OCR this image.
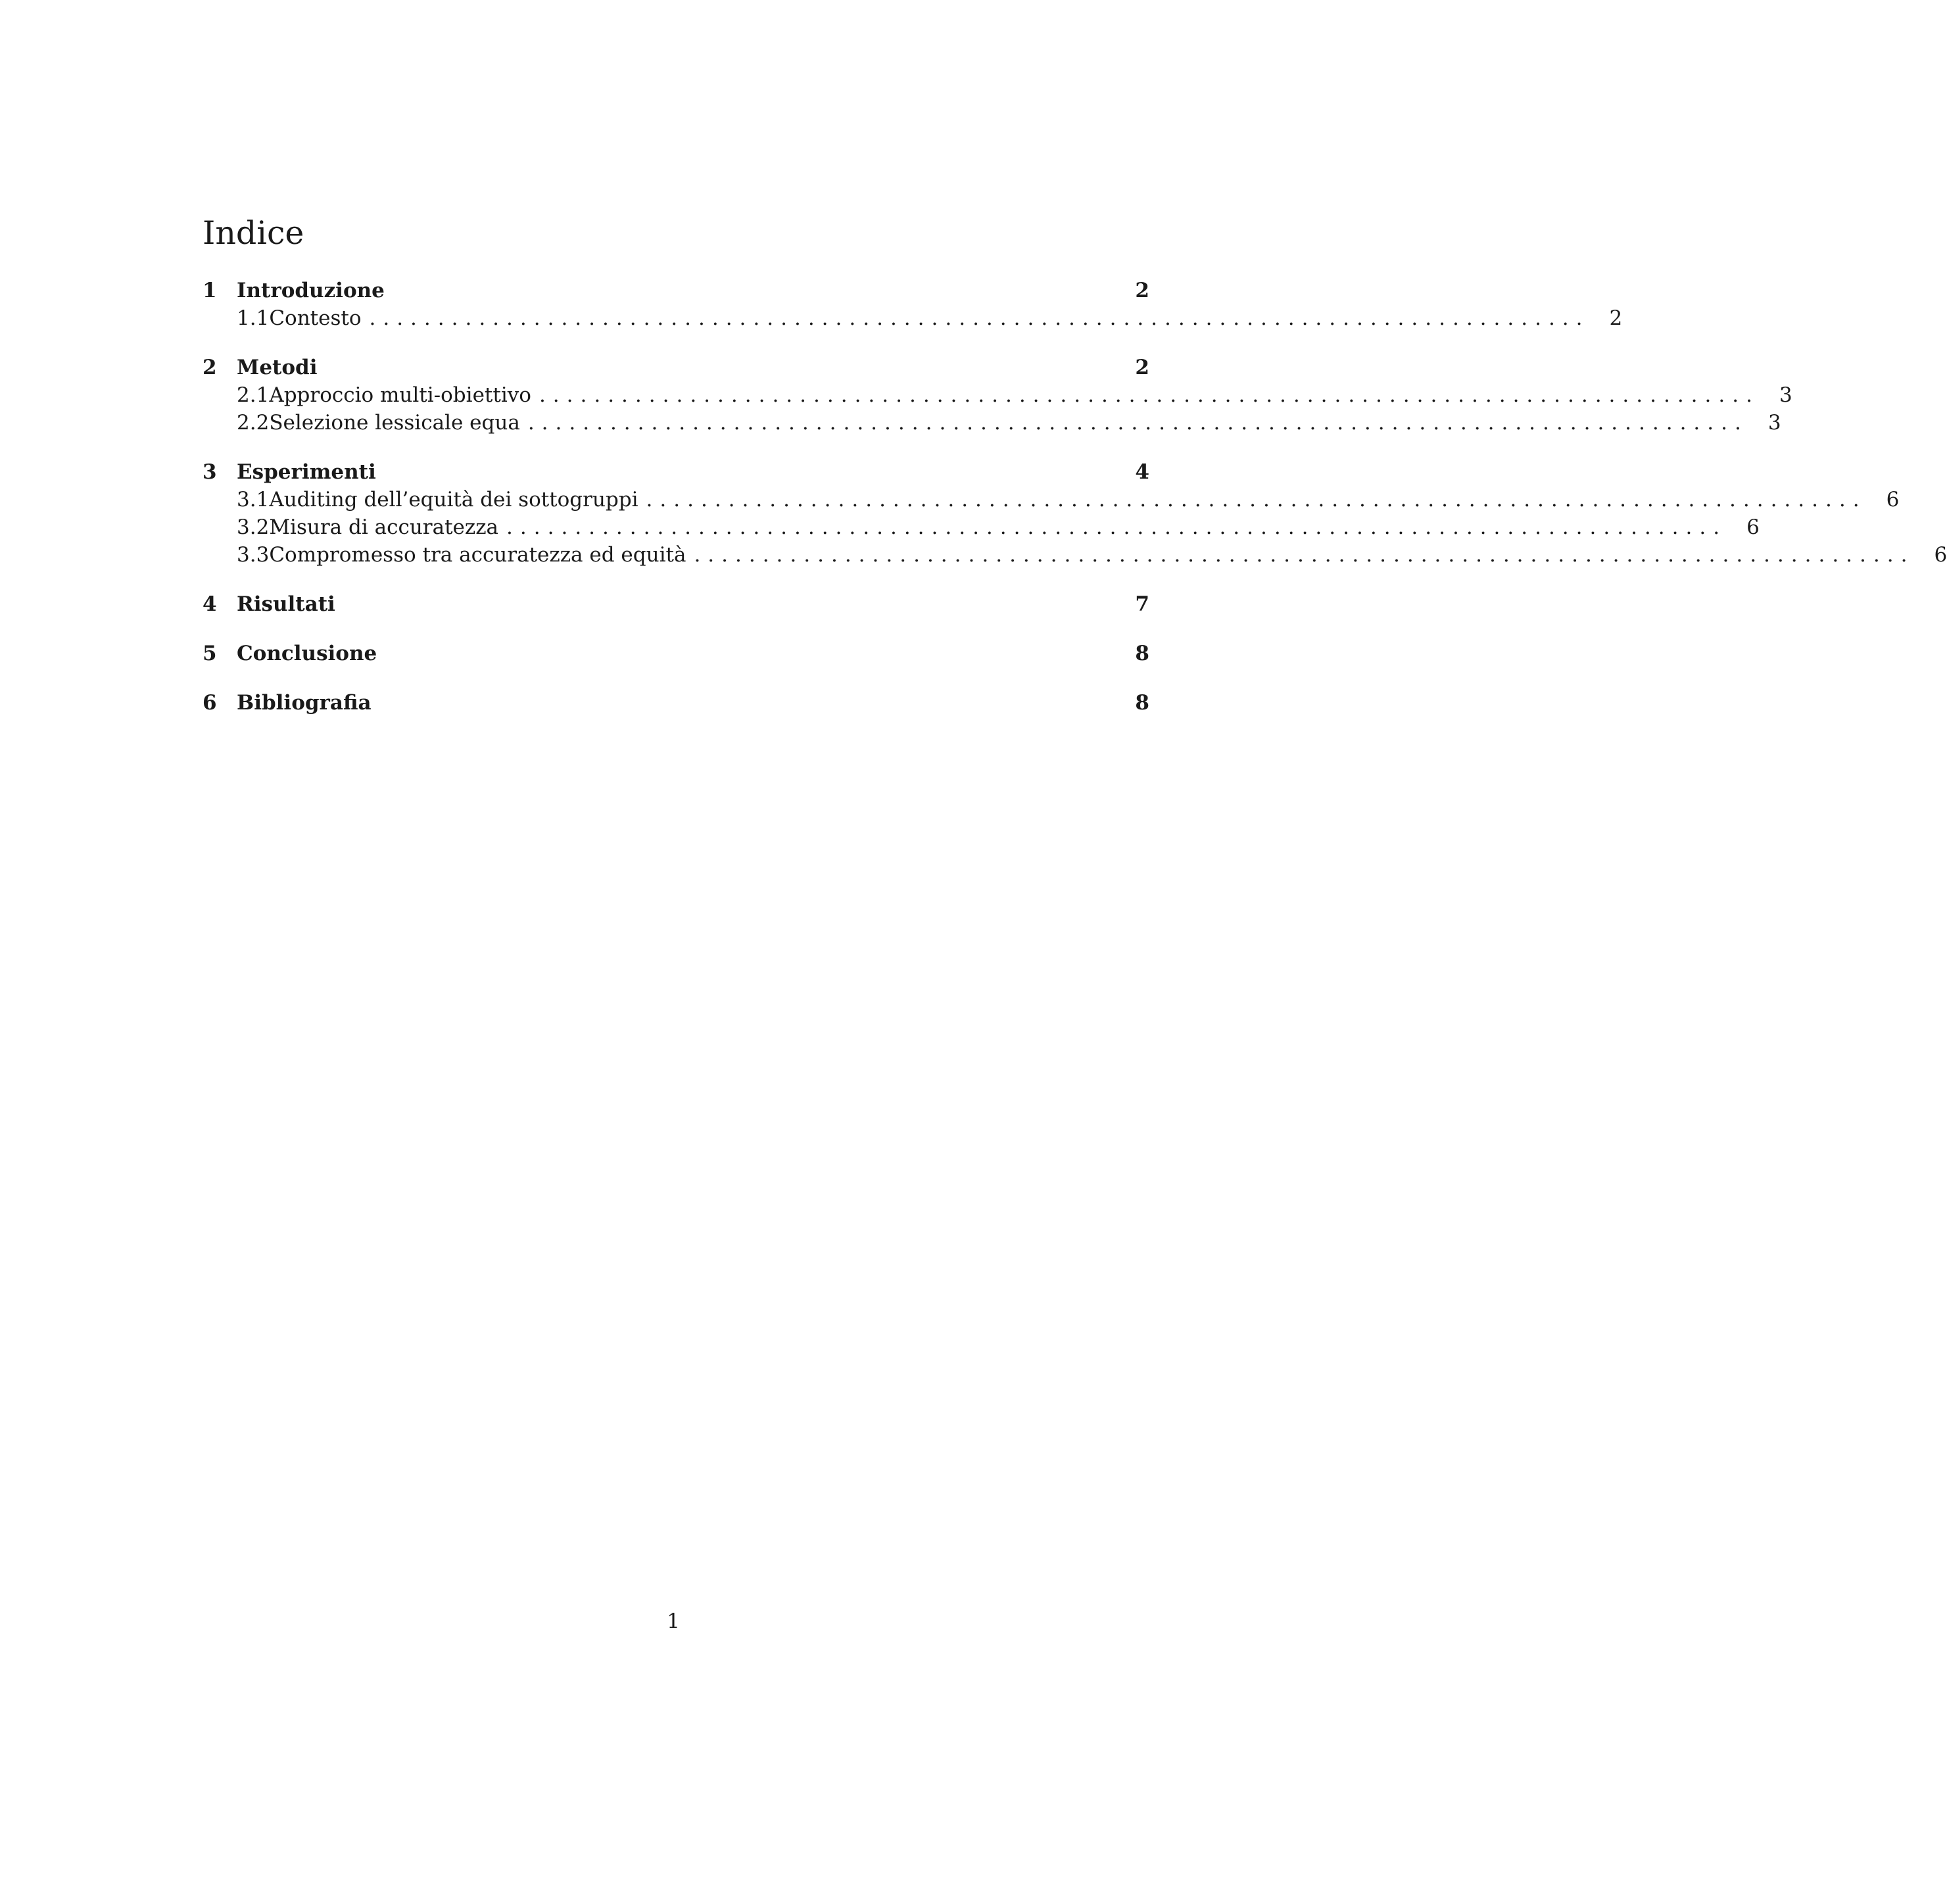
Indice
1 Introduzione	2
1.1 Contesto ......................................................................................... 2
2 Metodi	2
2.1 Approccio multi-obiettivo ......................................................................................... 3
2.2 Selezione lessicale equa ......................................................................................... 3
3 Esperimenti	4
3.1 Auditing dell’equità dei sottogruppi ......................................................................................... 6
3.2 Misura di accuratezza ......................................................................................... 6
3.3 Compromesso tra accuratezza ed equità ......................................................................................... 6
4 Risultati	7
5 Conclusione	8
6 Bibliografia	8
1
